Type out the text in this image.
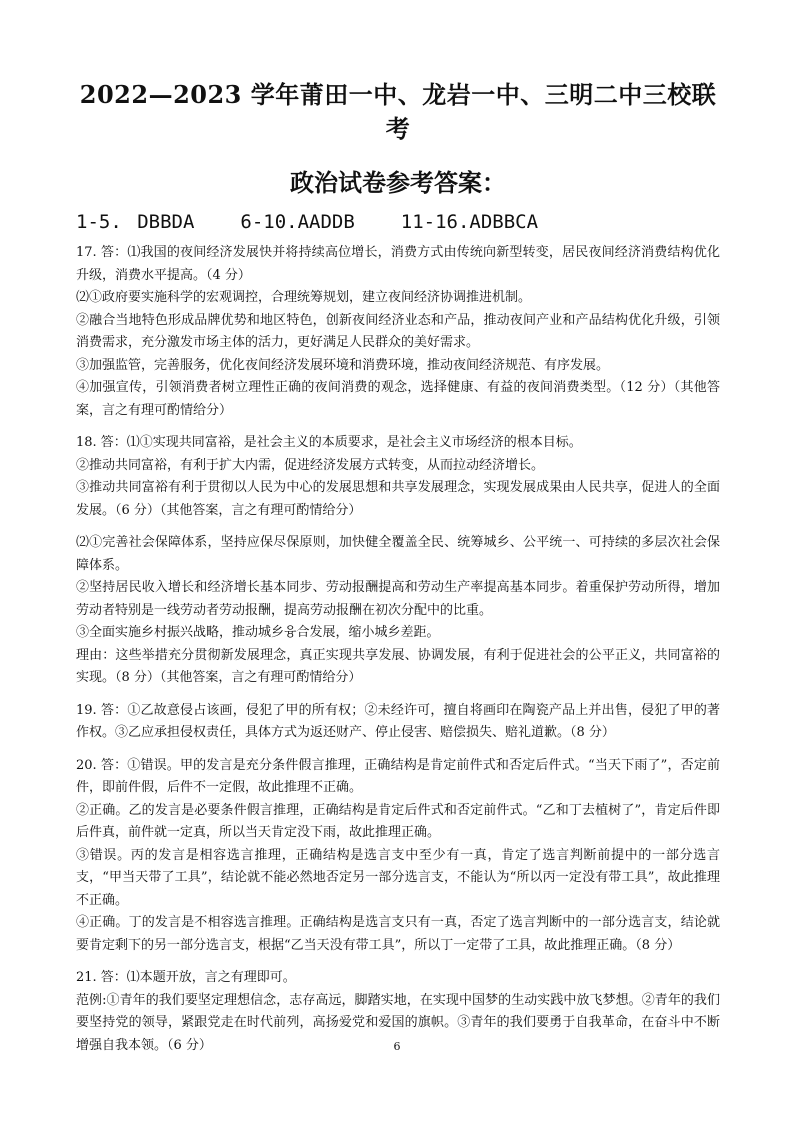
2022—2023 学年莆田一中、龙岩一中、三明二中三校联考
政治试卷参考答案：
1-5. DBBDA 6-10.AADDB 11-16.ADBBCA

17. 答：⑴我国的夜间经济发展快并将持续高位增长，消费方式由传统向新型转变，居民夜间经济消费结构优化升级，消费水平提高。（4 分）

⑵①政府要实施科学的宏观调控，合理统筹规划，建立夜间经济协调推进机制。

②融合当地特色形成品牌优势和地区特色，创新夜间经济业态和产品，推动夜间产业和产品结构优化升级，引领消费需求，充分激发市场主体的活力，更好满足人民群众的美好需求。

③加强监管，完善服务，优化夜间经济发展环境和消费环境，推动夜间经济规范、有序发展。

④加强宣传，引领消费者树立理性正确的夜间消费的观念，选择健康、有益的夜间消费类型。（12 分）（其他答案，言之有理可酌情给分）

18. 答：⑴①实现共同富裕，是社会主义的本质要求，是社会主义市场经济的根本目标。

②推动共同富裕，有利于扩大内需，促进经济发展方式转变，从而拉动经济增长。

③推动共同富裕有利于贯彻以人民为中心的发展思想和共享发展理念，实现发展成果由人民共享，促进人的全面发展。（6 分）（其他答案，言之有理可酌情给分）

⑵①完善社会保障体系，坚持应保尽保原则，加快健全覆盖全民、统筹城乡、公平统一、可持续的多层次社会保障体系。

②坚持居民收入增长和经济增长基本同步、劳动报酬提高和劳动生产率提高基本同步。着重保护劳动所得，增加劳动者特别是一线劳动者劳动报酬，提高劳动报酬在初次分配中的比重。

③全面实施乡村振兴战略，推动城乡융合发展，缩小城乡差距。

理由：这些举措充分贯彻新发展理念，真正实现共享发展、协调发展，有利于促进社会的公平正义，共同富裕的实现。（8 分）（其他答案，言之有理可酌情给分）

19. 答：①乙故意侵占该画，侵犯了甲的所有权；②未经许可，擅自将画印在陶瓷产品上并出售，侵犯了甲的著作权。③乙应承担侵权责任，具体方式为返还财产、停止侵害、赔偿损失、赔礼道歉。（8 分）

20. 答：①错误。甲的发言是充分条件假言推理，正确结构是肯定前件式和否定后件式。“当天下雨了”，否定前件，即前件假，后件不一定假，故此推理不正确。

②正确。乙的发言是必要条件假言推理，正确结构是肯定后件式和否定前件式。“乙和丁去植树了”，肯定后件即后件真，前件就一定真，所以当天肯定没下雨，故此推理正确。

③错误。丙的发言是相容选言推理，正确结构是选言支中至少有一真，肯定了选言判断前提中的一部分选言支，“甲当天带了工具”，结论就不能必然地否定另一部分选言支，不能认为“所以丙一定没有带工具”，故此推理不正确。

④正确。丁的发言是不相容选言推理。正确结构是选言支只有一真，否定了选言判断中的一部分选言支，结论就要肯定剩下的另一部分选言支，根据“乙当天没有带工具”，所以丁一定带了工具，故此推理正确。（8 分）

21. 答：⑴本题开放，言之有理即可。

范例:①青年的我们要坚定理想信念，志存高远，脚踏实地，在实现中国梦的生动实践中放飞梦想。②青年的我们要坚持党的领导，紧跟党走在时代前列，高扬爱党和爱国的旗帜。③青年的我们要勇于自我革命，在奋斗中不断增强自我本领。（6 分）	6
